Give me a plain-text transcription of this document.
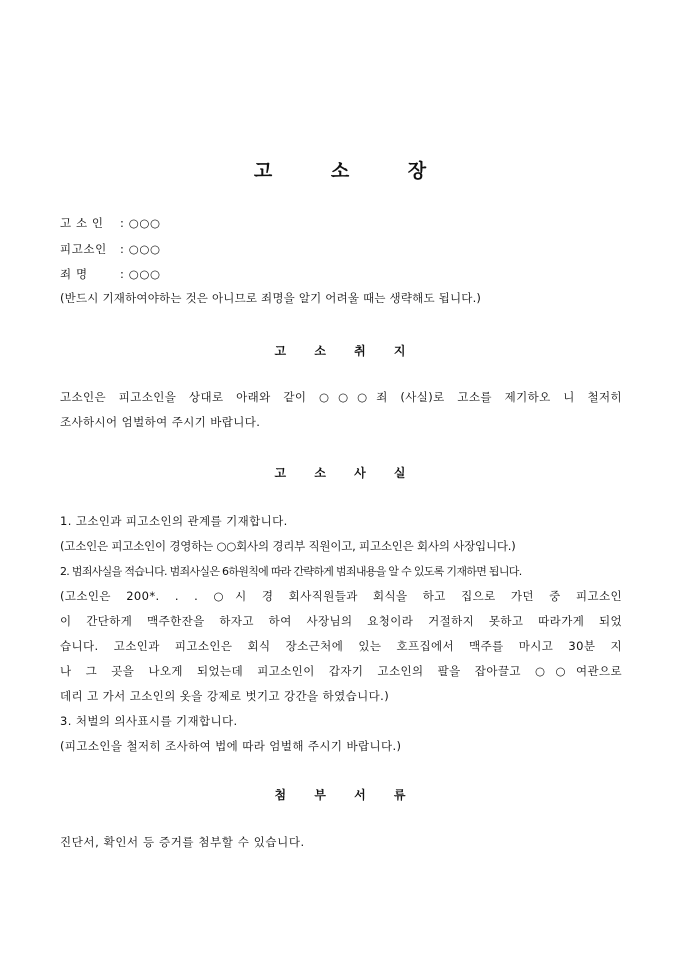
고 소 장
고 소 인 : ○○○
피고소인 : ○○○
죄 명	: ○○○
(반드시 기재하여야하는 것은 아니므로 죄명을 알기 어려울 때는 생략해도 됩니다.)
고 소 취 지
고소인은 피고소인을 상대로 아래와 같이 ○○○죄 (사실)로 고소를 제기하오 니 철저히
조사하시어 엄벌하여 주시기 바랍니다.
고 소 사 실
1. 고소인과 피고소인의 관계를 기재합니다.
(고소인은 피고소인이 경영하는 ○○회사의 경리부 직원이고, 피고소인은 회사의 사장입니다.)
2. 범죄사실을 적습니다. 범죄사실은 6하원칙에 따라 간략하게 범죄내용을 알 수 있도록 기재하면 됩니다.
(고소인은 200*. . . ○시 경 회사직원들과 회식을 하고 집으로 가던 중 피고소인
이 간단하게 맥주한잔을 하자고 하여 사장님의 요청이라 거절하지 못하고 따라가게 되었
습니다. 고소인과 피고소인은 회식 장소근처에 있는 호프집에서 맥주를 마시고 30분 지
나 그 곳을 나오게 되었는데 피고소인이 갑자기 고소인의 팔을 잡아끌고 ○○여관으로
데리 고 가서 고소인의 옷을 강제로 벗기고 강간을 하였습니다.)
3. 처벌의 의사표시를 기재합니다.
(피고소인을 철저히 조사하여 법에 따라 엄벌해 주시기 바랍니다.)
첨 부 서 류
진단서, 확인서 등 증거를 첨부할 수 있습니다.
